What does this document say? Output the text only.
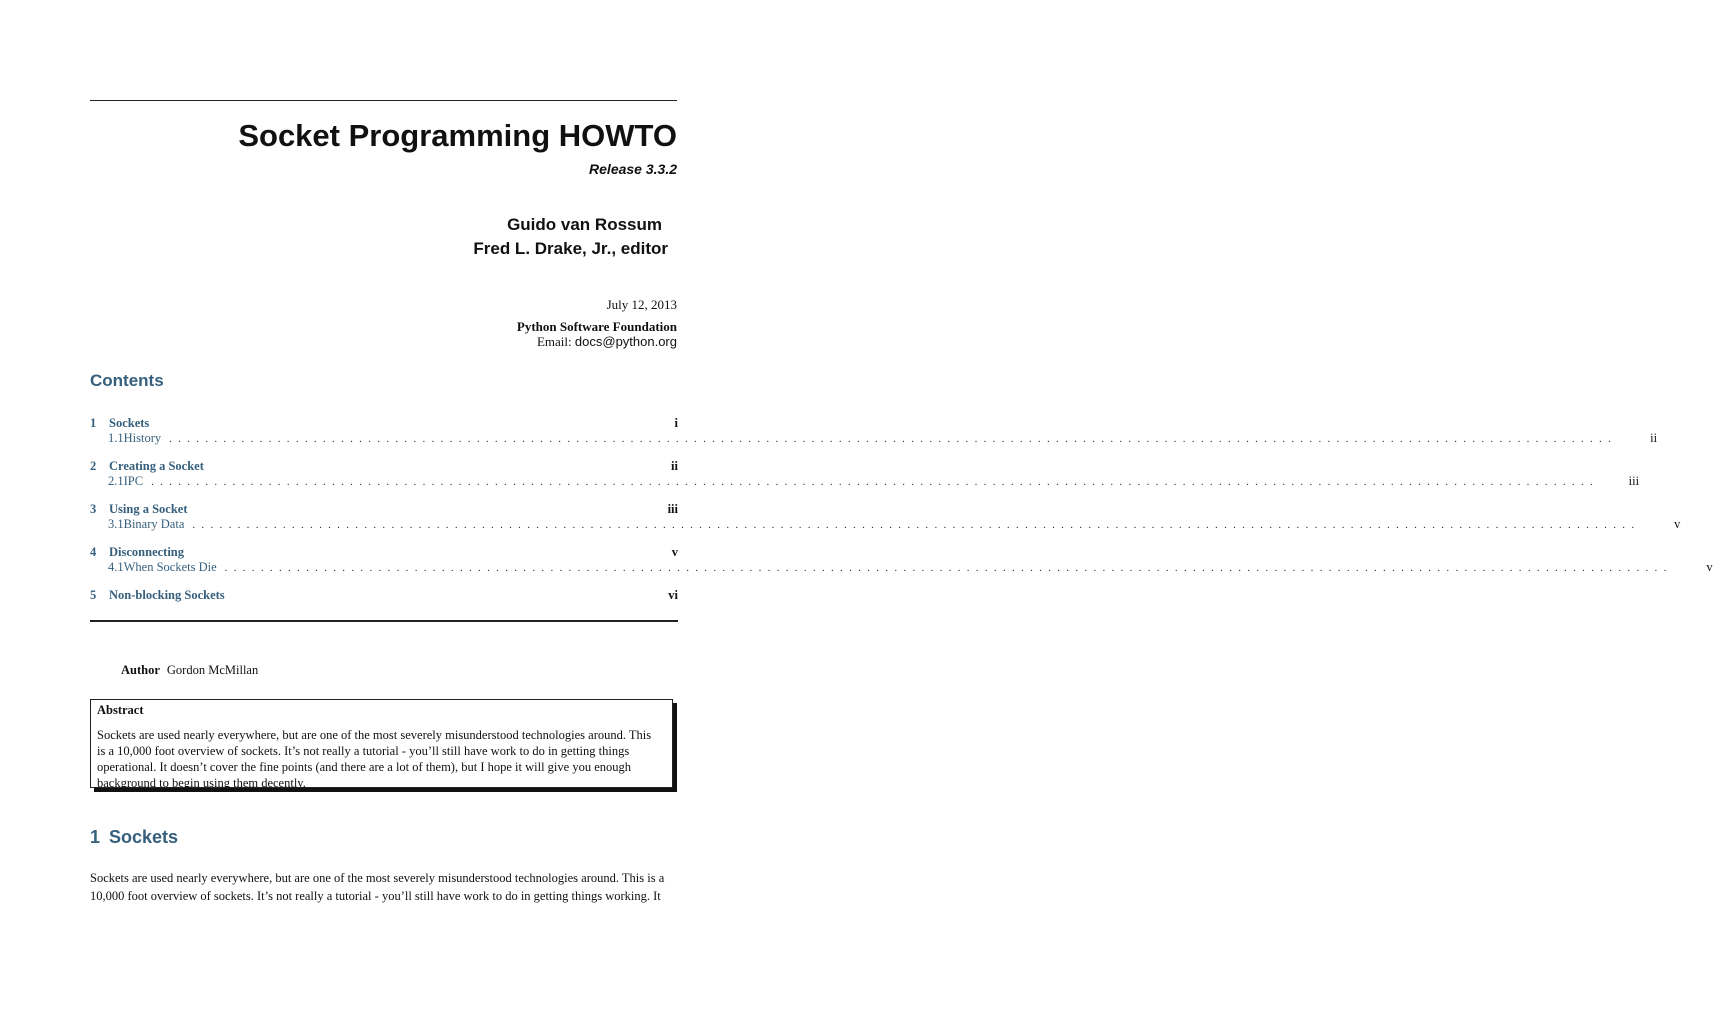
Socket Programming HOWTO
Release 3.3.2
Guido van Rossum
Fred L. Drake, Jr., editor
July 12, 2013
Python Software Foundation
Email: docs@python.org
Contents
1	Sockets	i
1.1 History ................................................................................................................................................................	ii
2	Creating a Socket	ii
2.1 IPC ................................................................................................................................................................	iii
3	Using a Socket	iii
3.1 Binary Data ................................................................................................................................................................	v
4	Disconnecting	v
4.1 When Sockets Die ................................................................................................................................................................	v
5	Non-blocking Sockets	vi
Author Gordon McMillan
Abstract
Sockets are used nearly everywhere, but are one of the most severely misunderstood technologies around. This
is a 10,000 foot overview of sockets. It’s not really a tutorial - you’ll still have work to do in getting things
operational. It doesn’t cover the fine points (and there are a lot of them), but I hope it will give you enough
background to begin using them decently.
1 Sockets
Sockets are used nearly everywhere, but are one of the most severely misunderstood technologies around. This is a
10,000 foot overview of sockets. It’s not really a tutorial - you’ll still have work to do in getting things working. It
